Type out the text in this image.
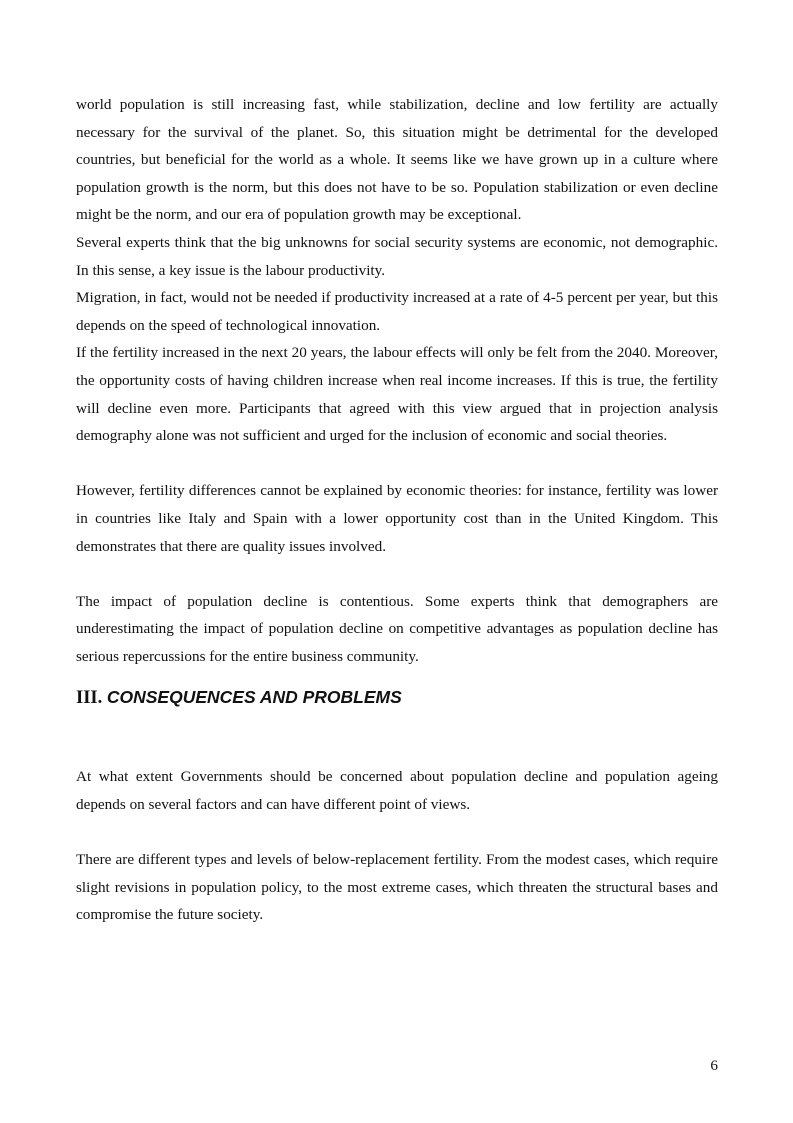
world population is still increasing fast, while stabilization, decline and low fertility are actually necessary for the survival of the planet. So, this situation might be detrimental for the developed countries, but beneficial for the world as a whole. It seems like we have grown up in a culture where population growth is the norm, but this does not have to be so. Population stabilization or even decline might be the norm, and our era of population growth may be exceptional.

Several experts think that the big unknowns for social security systems are economic, not demographic. In this sense, a key issue is the labour productivity.

Migration, in fact, would not be needed if productivity increased at a rate of 4-5 percent per year, but this depends on the speed of technological innovation.

If the fertility increased in the next 20 years, the labour effects will only be felt from the 2040. Moreover, the opportunity costs of having children increase when real income increases. If this is true, the fertility will decline even more. Participants that agreed with this view argued that in projection analysis demography alone was not sufficient and urged for the inclusion of economic and social theories.

However, fertility differences cannot be explained by economic theories: for instance, fertility was lower in countries like Italy and Spain with a lower opportunity cost than in the United Kingdom. This demonstrates that there are quality issues involved.

The impact of population decline is contentious. Some experts think that demographers are underestimating the impact of population decline on competitive advantages as population decline has serious repercussions for the entire business community.

III. CONSEQUENCES AND PROBLEMS

At what extent Governments should be concerned about population decline and population ageing depends on several factors and can have different point of views.

There are different types and levels of below-replacement fertility. From the modest cases, which require slight revisions in population policy, to the most extreme cases, which threaten the structural bases and compromise the future society.

6
